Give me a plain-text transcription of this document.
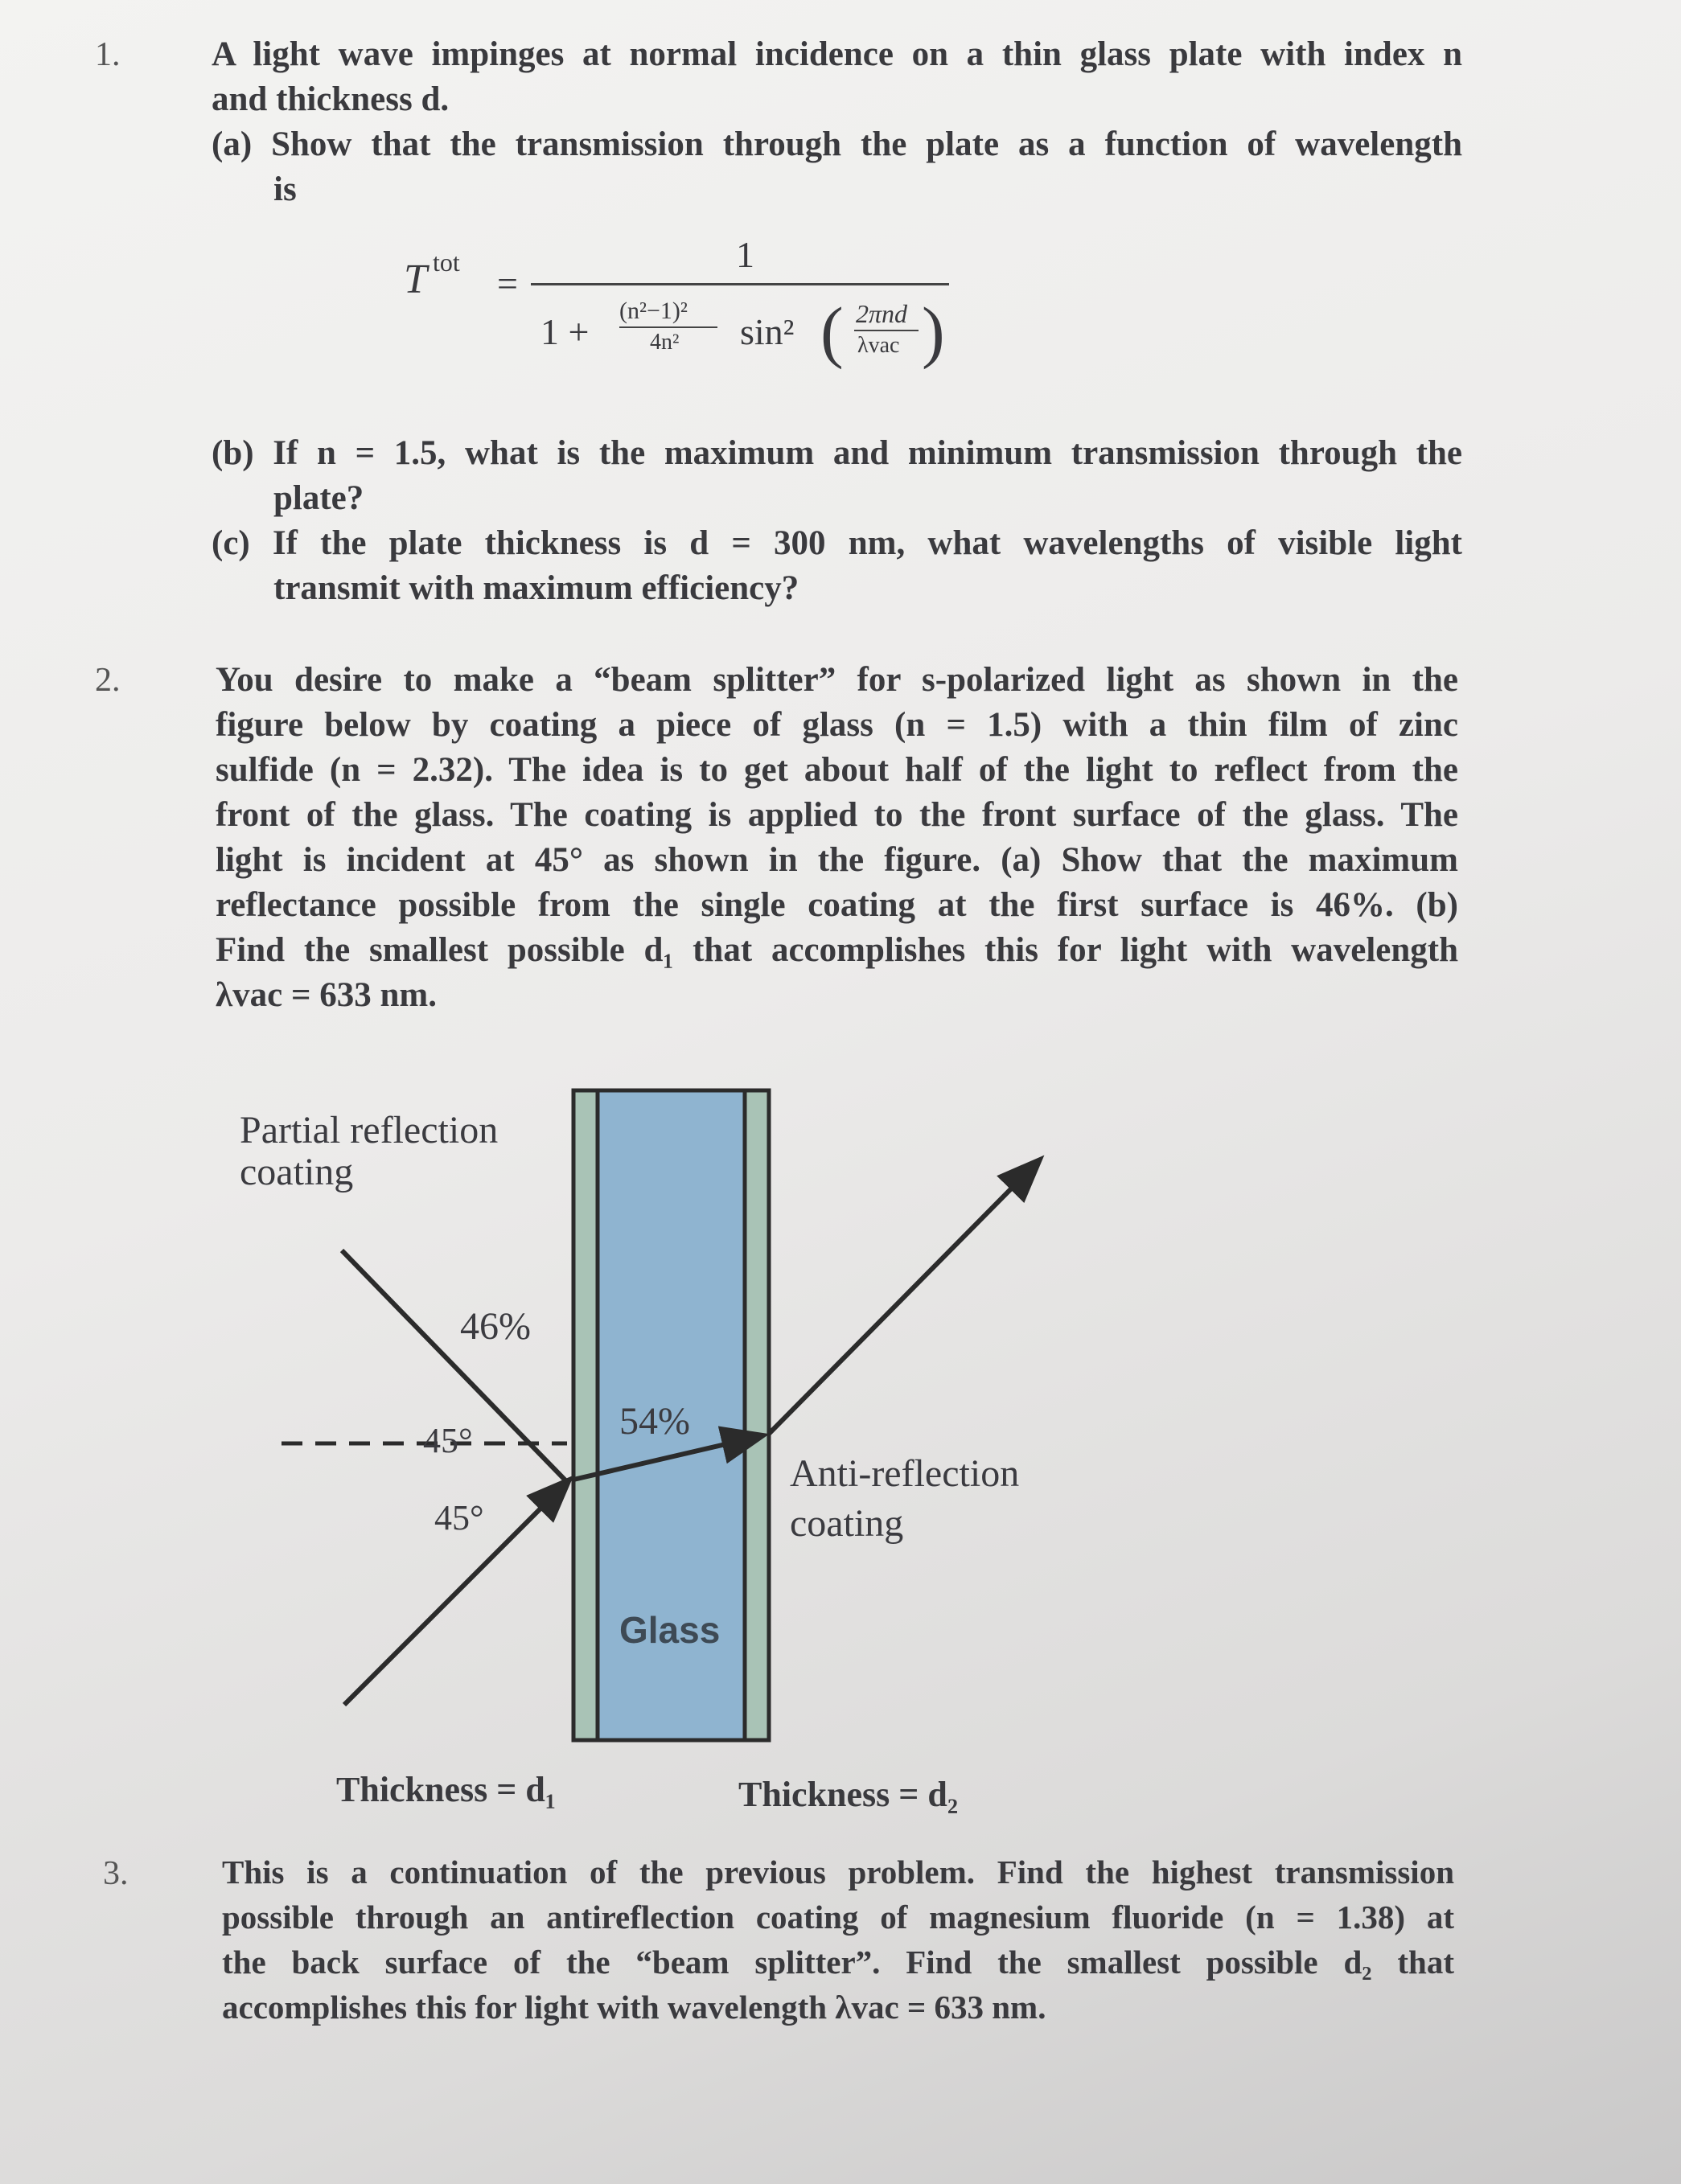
1.	A light wave impinges at normal incidence on a thin glass plate with index n
and thickness d.
(a) Show that the transmission through the plate as a function of wavelength
is
T tot
=
1
1 +
(n²−1)²
4n² sin² ( 2πnd
λvac )
(b) If n = 1.5, what is the maximum and minimum transmission through the
plate?
(c) If the plate thickness is d = 300 nm, what wavelengths of visible light
transmit with maximum efficiency?
2.	You desire to make a “beam splitter” for s-polarized light as shown in the
figure below by coating a piece of glass (n = 1.5) with a thin film of zinc
sulfide (n = 2.32). The idea is to get about half of the light to reflect from the
front of the glass. The coating is applied to the front surface of the glass. The
light is incident at 45° as shown in the figure. (a) Show that the maximum
reflectance possible from the single coating at the first surface is 46%. (b)
Find the smallest possible d₁ that accomplishes this for light with wavelength
λvac = 633 nm.
Partial reflection
coating
46%
54%
45°
45°
Anti-reflection
coating
Glass
Thickness = d₁	Thickness = d₂
3.	This is a continuation of the previous problem. Find the highest transmission
possible through an antireflection coating of magnesium fluoride (n = 1.38) at
the back surface of the “beam splitter”. Find the smallest possible d₂ that
accomplishes this for light with wavelength λvac = 633 nm.
